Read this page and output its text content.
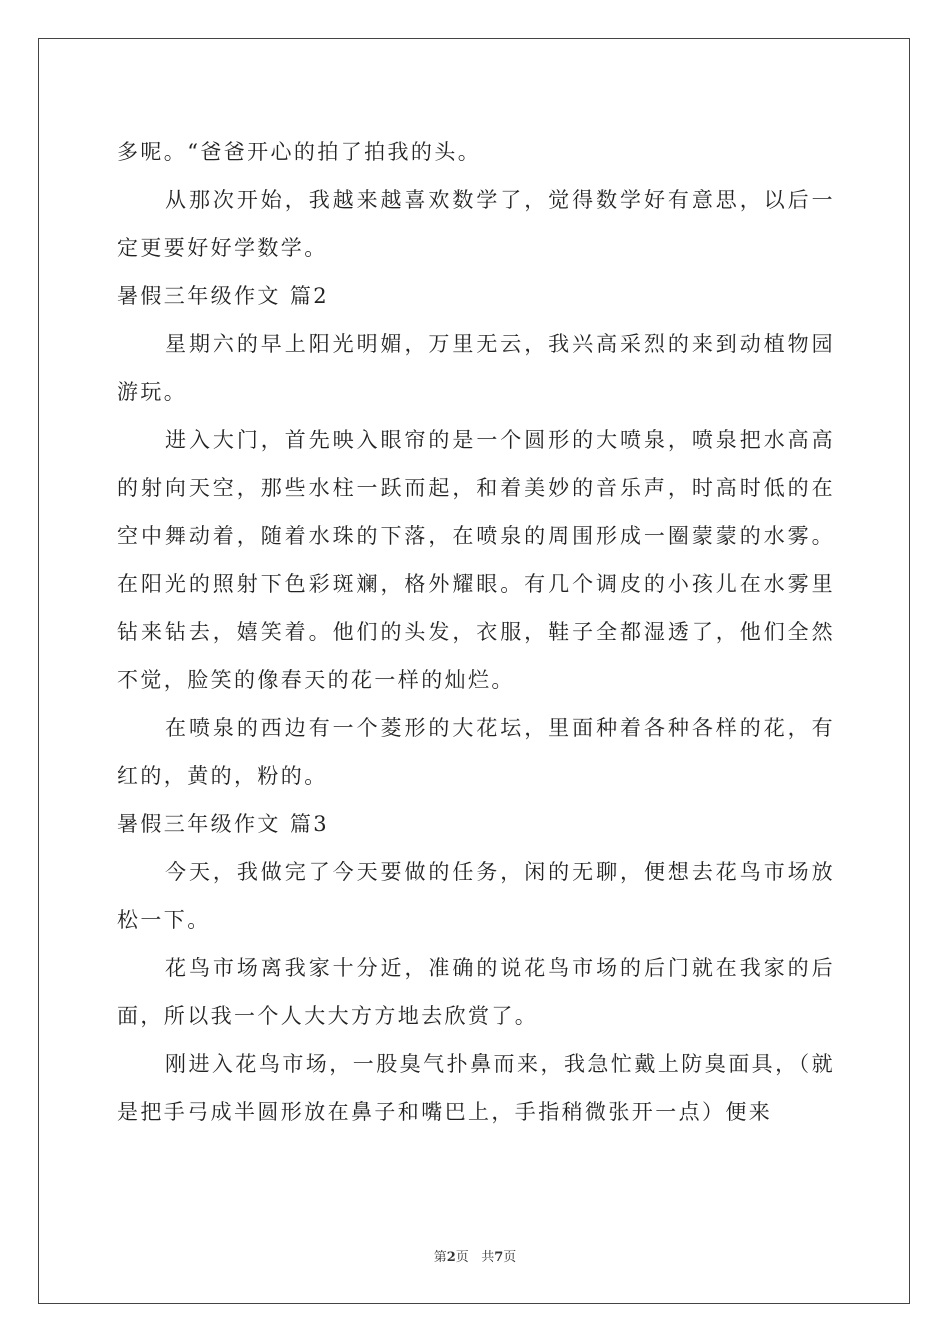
多呢。“爸爸开心的拍了拍我的头。

从那次开始，我越来越喜欢数学了，觉得数学好有意思，以后一定更要好好学数学。

暑假三年级作文 篇2

星期六的早上阳光明媚，万里无云，我兴高采烈的来到动植物园游玩。

进入大门，首先映入眼帘的是一个圆形的大喷泉，喷泉把水高高的射向天空，那些水柱一跃而起，和着美妙的音乐声，时高时低的在空中舞动着，随着水珠的下落，在喷泉的周围形成一圈蒙蒙的水雾。在阳光的照射下色彩斑斓，格外耀眼。有几个调皮的小孩儿在水雾里钻来钻去，嬉笑着。他们的头发，衣服，鞋子全都湿透了，他们全然不觉，脸笑的像春天的花一样的灿烂。

在喷泉的西边有一个菱形的大花坛，里面种着各种各样的花，有红的，黄的，粉的。

暑假三年级作文 篇3

今天，我做完了今天要做的任务，闲的无聊，便想去花鸟市场放松一下。

花鸟市场离我家十分近，准确的说花鸟市场的后门就在我家的后面，所以我一个人大大方方地去欣赏了。

刚进入花鸟市场，一股臭气扑鼻而来，我急忙戴上防臭面具，（就是把手弓成半圆形放在鼻子和嘴巴上，手指稍微张开一点）便来

第2页 共7页
